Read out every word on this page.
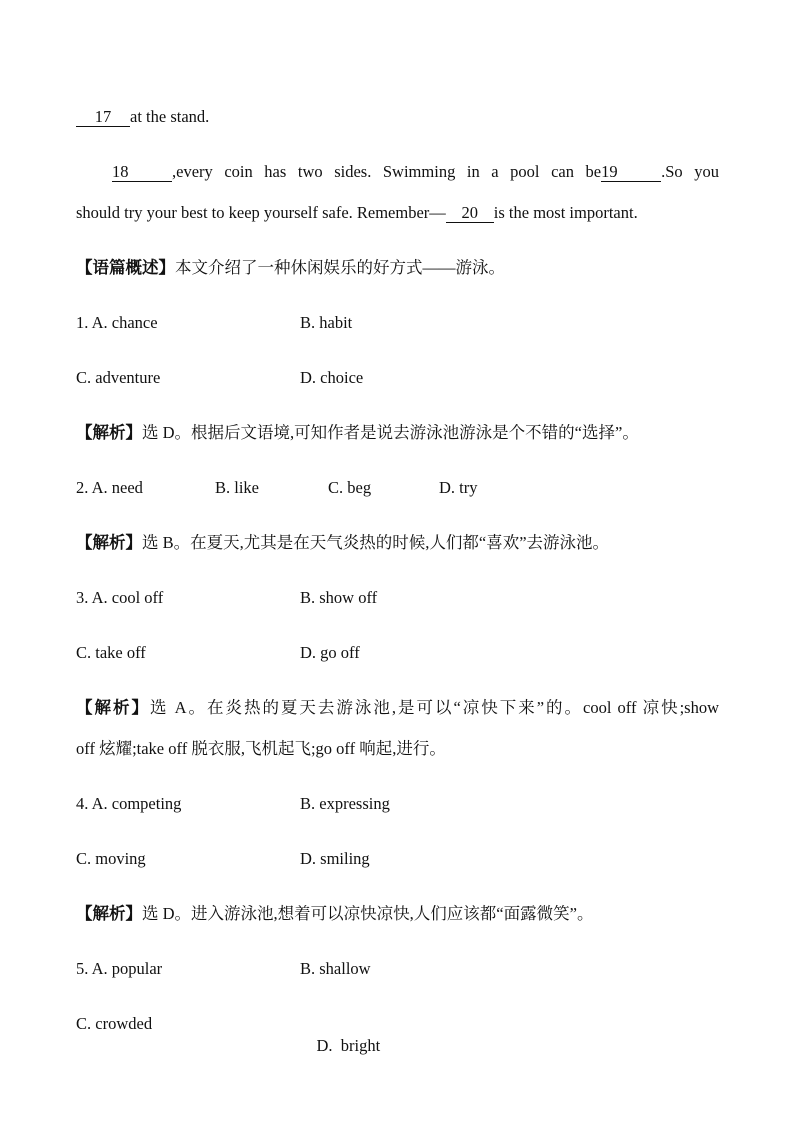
17 at the stand.
18	,every coin has two sides. Swimming in a pool can be19	.So you
should try your best to keep yourself safe. Remember— 20 is the most important.
【语篇概述】本文介绍了一种休闲娱乐的好方式——游泳。
1. A. chance	B. habit
C. adventure	D. choice
【解析】选 D。根据后文语境,可知作者是说去游泳池游泳是个不错的“选择”。
2. A. need	B. like	C. beg	D. try
【解析】选 B。在夏天,尤其是在天气炎热的时候,人们都“喜欢”去游泳池。
3. A. cool off	B. show off
C. take off	D. go off
【解析】选 A。在炎热的夏天去游泳池,是可以“凉快下来”的。cool off 凉快;show
off 炫耀;take off 脱衣服,飞机起飞;go off 响起,进行。
4. A. competing	B. expressing
C. moving	D. smiling
【解析】选 D。进入游泳池,想着可以凉快凉快,人们应该都“面露微笑”。
5. A. popular	B. shallow
C. crowded

D.  bright
